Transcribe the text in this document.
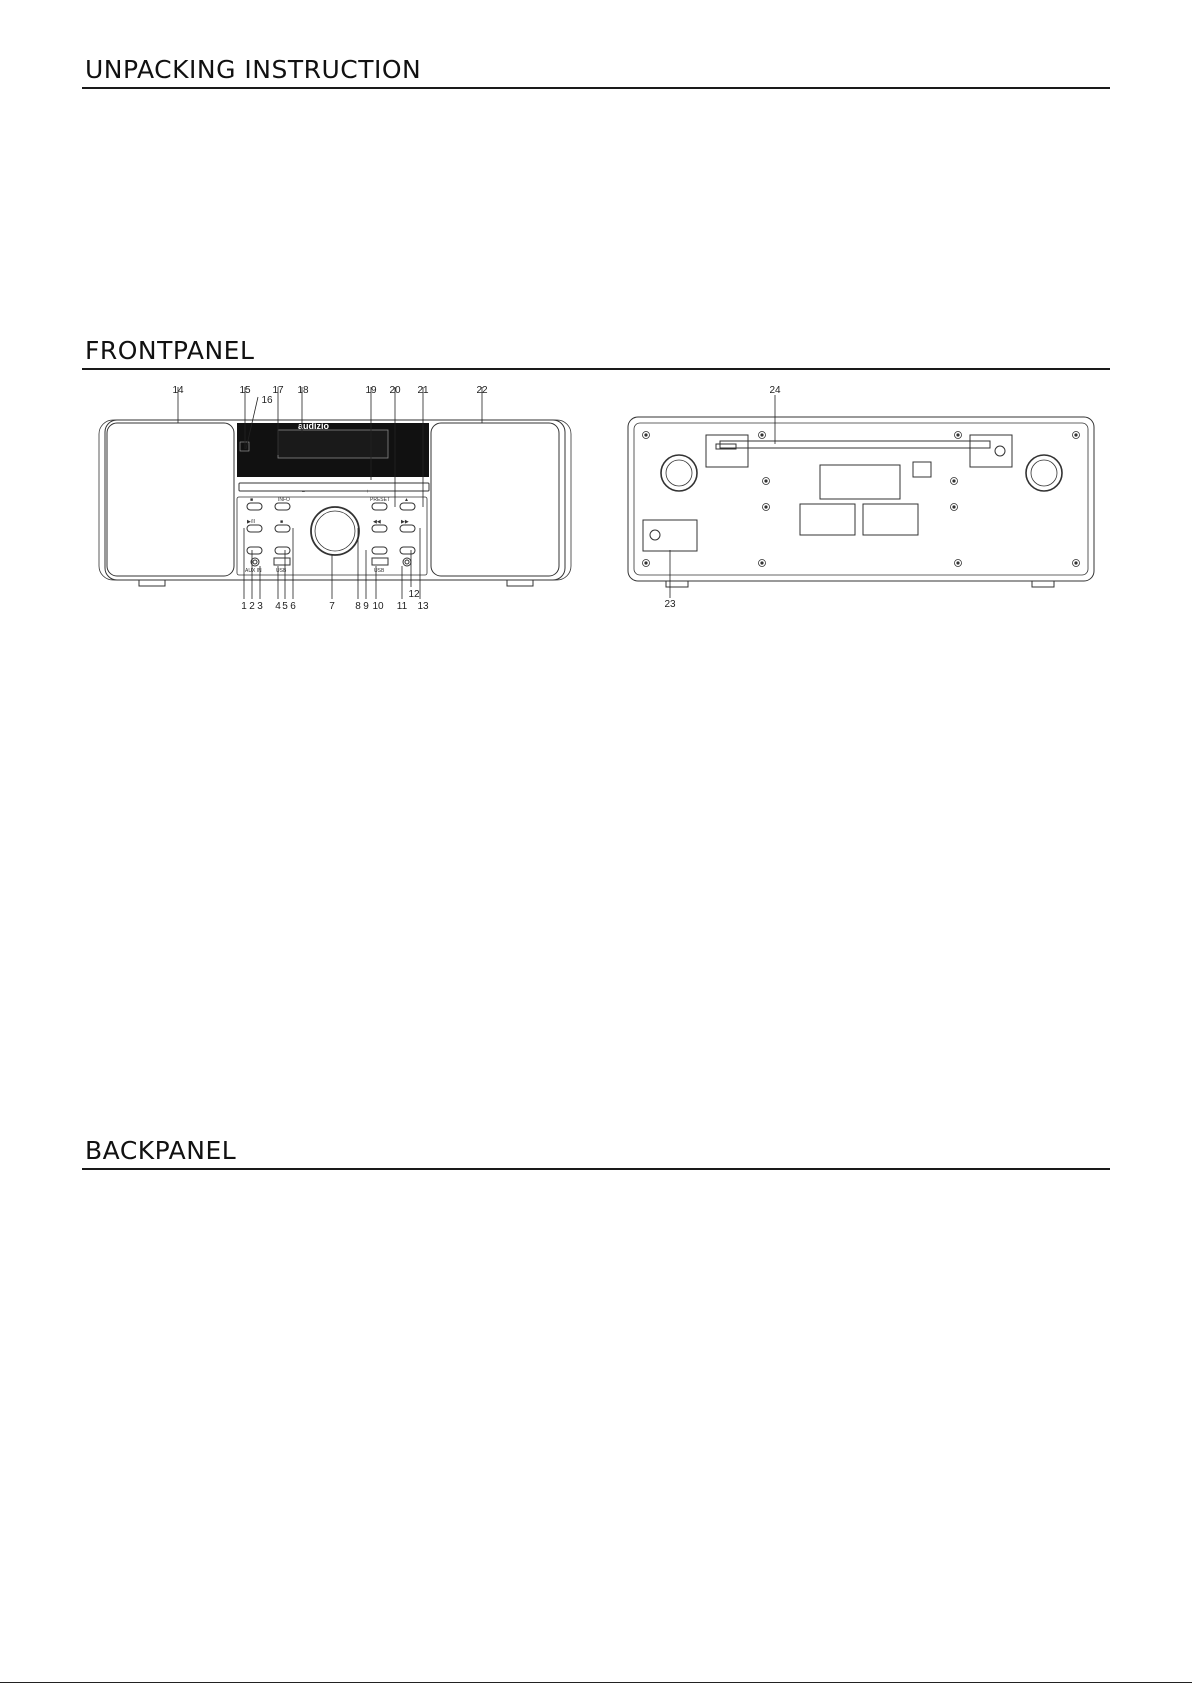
UNPACKING INSTRUCTION
FRONTPANEL
BACKPANEL
audizio
■	INFO	PRESET	▲
▶/II	■	◀◀	▶▶
–	+
AUX IN	USB	USB
14	15
16
17 18	19 20 21	22
1 2 3 4 5 6	7 8 9 10 11
12
13
24
23
